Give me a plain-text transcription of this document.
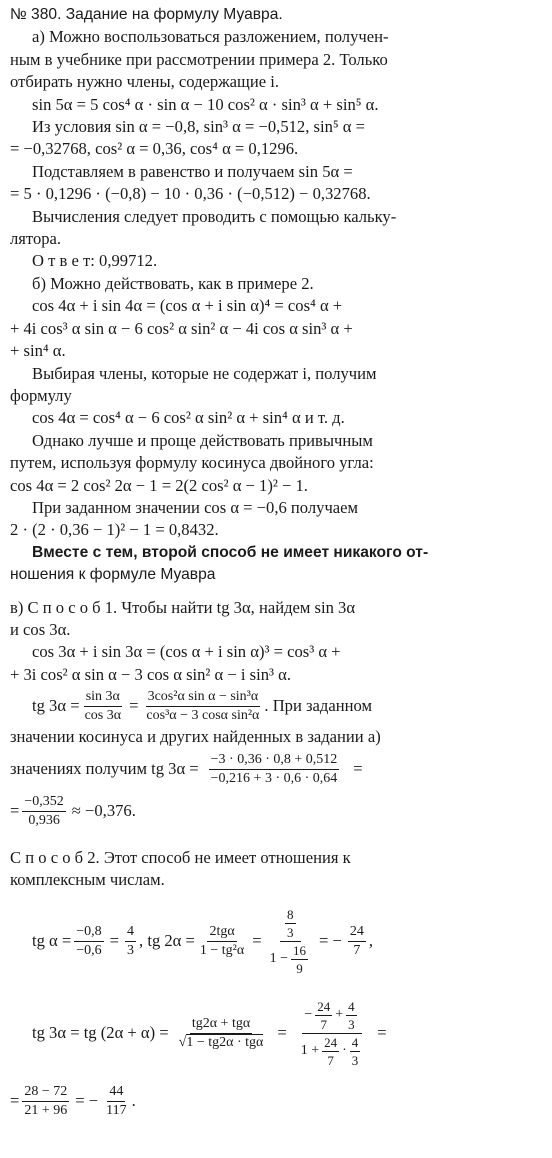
№ 380. Задание на формулу Муавра.
а) Можно воспользоваться разложением, получен-
ным в учебнике при рассмотрении примера 2. Только
отбирать нужно члены, содержащие i.
sin 5α = 5 cos⁴ α · sin α − 10 cos² α · sin³ α + sin⁵ α.
Из условия sin α = −0,8, sin³ α = −0,512, sin⁵ α =
= −0,32768, cos² α = 0,36, cos⁴ α = 0,1296.
Подставляем в равенство и получаем sin 5α =
= 5 · 0,1296 · (−0,8) − 10 · 0,36 · (−0,512) − 0,32768.
Вычисления следует проводить с помощью кальку-
лятора.
О т в е т: 0,99712.
б) Можно действовать, как в примере 2.
cos 4α + i sin 4α = (cos α + i sin α)⁴ = cos⁴ α +
+ 4i cos³ α sin α − 6 cos² α sin² α − 4i cos α sin³ α +
+ sin⁴ α.
Выбирая члены, которые не содержат i, получим
формулу
cos 4α = cos⁴ α − 6 cos² α sin² α + sin⁴ α и т. д.
Однако лучше и проще действовать привычным
путем, используя формулу косинуса двойного угла:
cos 4α = 2 cos² 2α − 1 = 2(2 cos² α − 1)² − 1.
При заданном значении cos α = −0,6 получаем
2 · (2 · 0,36 − 1)² − 1 = 0,8432.
Вместе с тем, второй способ не имеет никакого от-
ношения к формуле Муавра
в) С п о с о б 1. Чтобы найти tg 3α, найдем sin 3α
и cos 3α.
cos 3α + i sin 3α = (cos α + i sin α)³ = cos³ α +
+ 3i cos² α sin α − 3 cos α sin² α − i sin³ α.
tg $3\alpha = \frac{\sin 3\alpha}{\cos 3\alpha} = \frac{\text{3cos²α sin α − sin³α}}{\text{cos³α − 3 cosα sin²α}}$ . При заданном
значении косинуса и других найденных в задании а)
значениях получим tg $3\alpha = \frac{-3 \cdot 0,36 \cdot 0,8 + 0,512}{-0,216 + 3 \cdot 0,6 \cdot 0,64}$ =
= $\frac{-0,352}{0,936} \approx -0,376$.
С п о с о б 2. Этот способ не имеет отношения к
комплексным числам.
tg $\alpha = \frac{-0,8}{-0,6} = \frac{4}{3}$ , tg 2α = 2tgα
1 − tg²α
= $\frac{\frac{8}{3}}{1 - \frac{16}{9}}$ = − $\frac{24}{7}$ ,
tg 3α = tg (2α + α) = tg2α + tgα
√1 − tg2α · tgα
=
− $\frac{24}{7} + \frac{4}{3}$
$1 + \frac{24}{7} \cdot \frac{4}{3}$
=
= $\frac{28 - 72}{21 + 96}$ = − $\frac{44}{117}$ .
